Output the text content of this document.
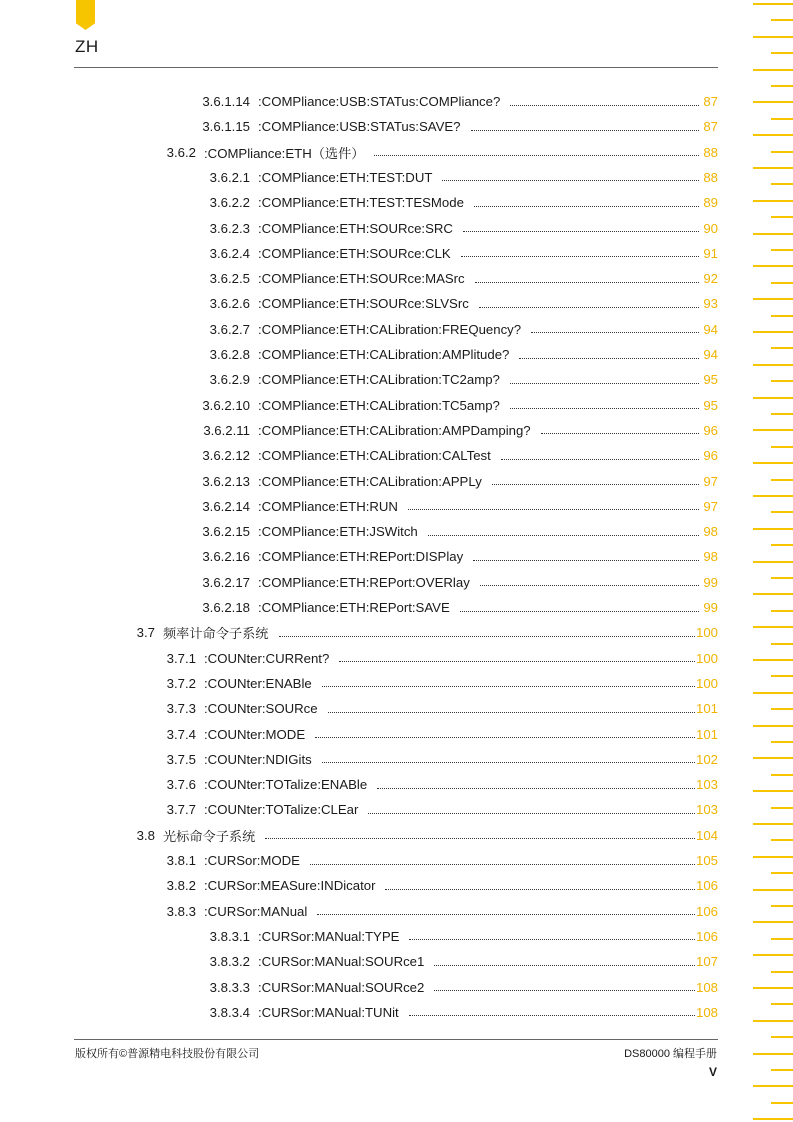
ZH
3.6.1.14 :COMPliance:USB:STATus:COMPliance?	87
3.6.1.15 :COMPliance:USB:STATus:SAVE?	87
3.6.2 :COMPliance:ETH（选件）	88
3.6.2.1 :COMPliance:ETH:TEST:DUT	88
3.6.2.2 :COMPliance:ETH:TEST:TESMode	89
3.6.2.3 :COMPliance:ETH:SOURce:SRC	90
3.6.2.4 :COMPliance:ETH:SOURce:CLK	91
3.6.2.5 :COMPliance:ETH:SOURce:MASrc	92
3.6.2.6 :COMPliance:ETH:SOURce:SLVSrc	93
3.6.2.7 :COMPliance:ETH:CALibration:FREQuency?	94
3.6.2.8 :COMPliance:ETH:CALibration:AMPlitude?	94
3.6.2.9 :COMPliance:ETH:CALibration:TC2amp?	95
3.6.2.10 :COMPliance:ETH:CALibration:TC5amp?	95
3.6.2.11 :COMPliance:ETH:CALibration:AMPDamping?	96
3.6.2.12 :COMPliance:ETH:CALibration:CALTest	96
3.6.2.13 :COMPliance:ETH:CALibration:APPLy	97
3.6.2.14 :COMPliance:ETH:RUN	97
3.6.2.15 :COMPliance:ETH:JSWitch	98
3.6.2.16 :COMPliance:ETH:REPort:DISPlay	98
3.6.2.17 :COMPliance:ETH:REPort:OVERlay	99
3.6.2.18 :COMPliance:ETH:REPort:SAVE	99
3.7 频率计命令子系统	100
3.7.1 :COUNter:CURRent?	100
3.7.2 :COUNter:ENABle	100
3.7.3 :COUNter:SOURce	101
3.7.4 :COUNter:MODE	101
3.7.5 :COUNter:NDIGits	102
3.7.6 :COUNter:TOTalize:ENABle	103
3.7.7 :COUNter:TOTalize:CLEar	103
3.8 光标命令子系统	104
3.8.1 :CURSor:MODE	105
3.8.2 :CURSor:MEASure:INDicator	106
3.8.3 :CURSor:MANual	106
3.8.3.1 :CURSor:MANual:TYPE	106
3.8.3.2 :CURSor:MANual:SOURce1	107
3.8.3.3 :CURSor:MANual:SOURce2	108
3.8.3.4 :CURSor:MANual:TUNit	108
版权所有©普源精电科技股份有限公司	DS80000 编程手册
V
